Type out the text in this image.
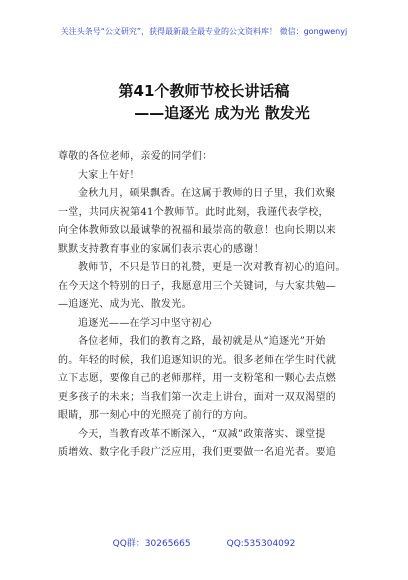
关注头条号“公文研究”，获得最新最全最专业的公文资料库！ 微信：gongwenyj
第41个教师节校长讲话稿
——追逐光 成为光 散发光

尊敬的各位老师，亲爱的同学们：

大家上午好！

金秋九月，硕果飘香。在这属于教师的日子里，我们欢聚

一堂，共同庆祝第41个教师节。此时此刻，我谨代表学校，

向全体教师致以最诚挚的祝福和最崇高的敬意！也向长期以来

默默支持教育事业的家属们表示衷心的感谢！

教师节，不只是节日的礼赞，更是一次对教育初心的追问。

在今天这个特别的日子，我愿意用三个关键词，与大家共勉—

—追逐光、成为光、散发光。

追逐光——在学习中坚守初心

各位老师，我们的教育之路，最初就是从“追逐光”开始

的。年轻的时候，我们追逐知识的光。很多老师在学生时代就

立下志愿，要像自己的老师那样，用一支粉笔和一颗心去点燃

更多孩子的未来；当我们第一次走上讲台，面对一双双渴望的

眼睛，那一刻心中的光照亮了前行的方向。

今天，当教育改革不断深入，“双减”政策落实、课堂提

质增效、数字化手段广泛应用，我们更要做一名追光者。要追

QQ群：30265665	QQ:535304092
